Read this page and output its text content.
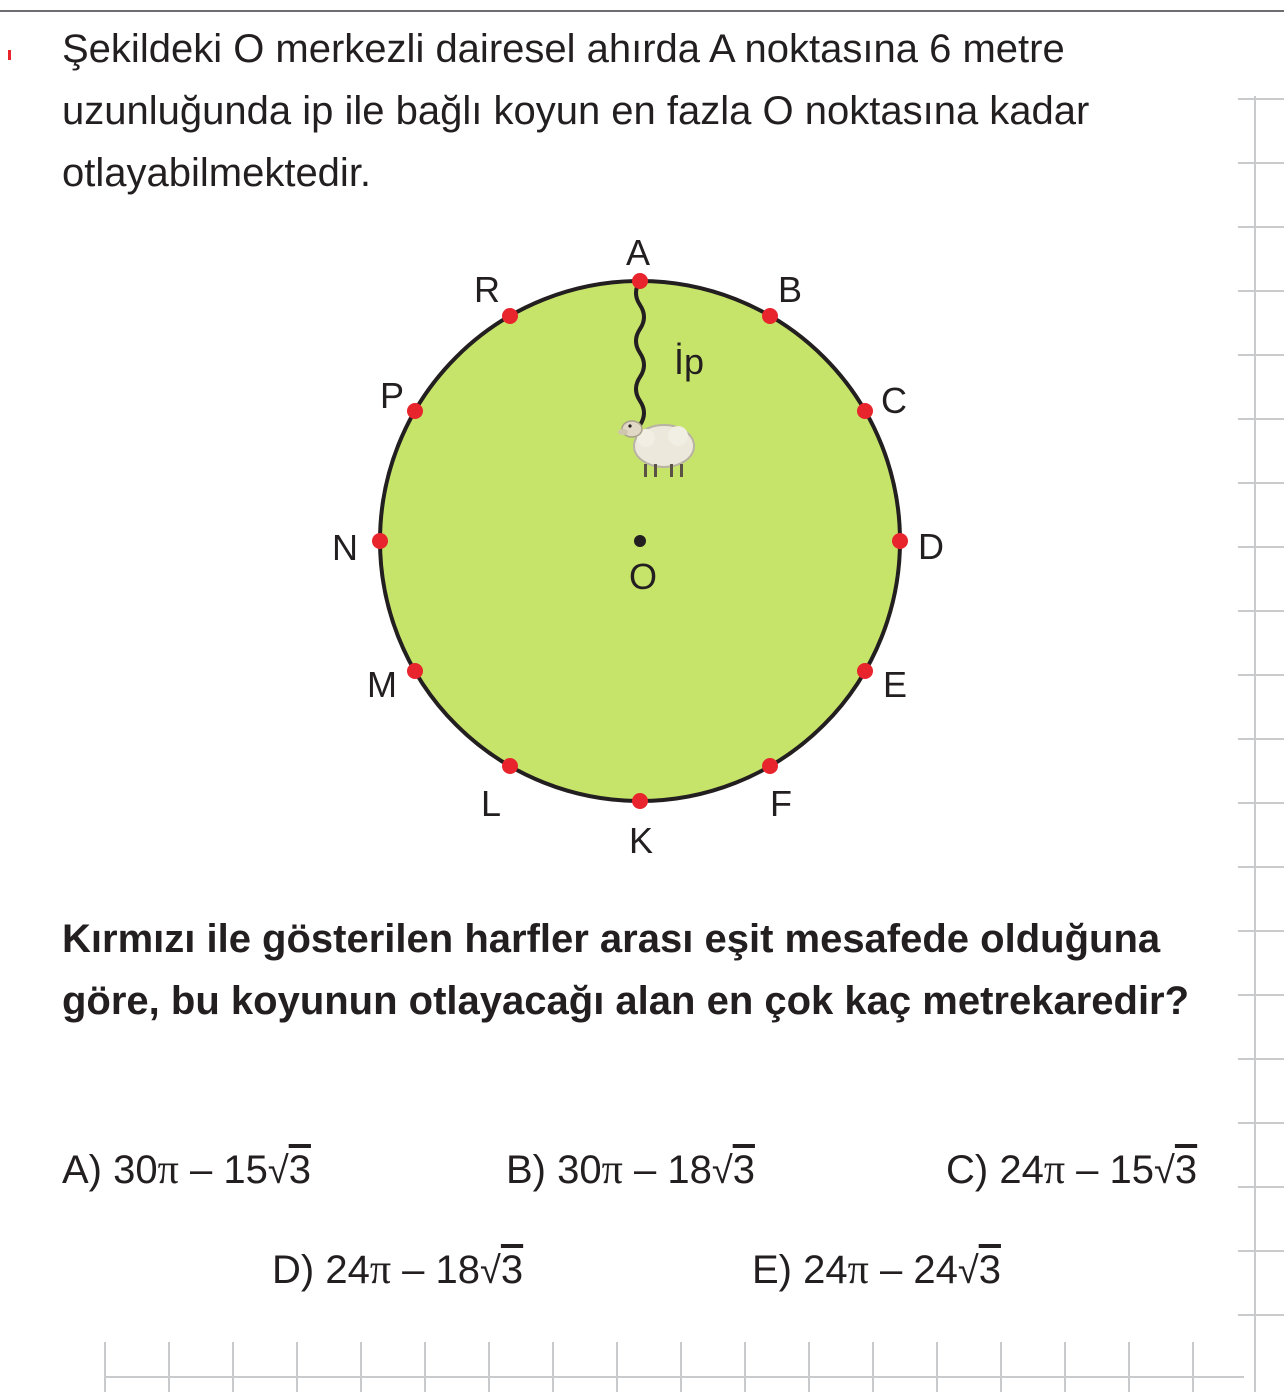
Şekildeki O merkezli dairesel ahırda A noktasına 6 metre uzunluğunda ip ile bağlı koyun en fazla O noktasına kadar otlayabilmektedir.

O
İp
A
B
C
D
E
F
K
L
M
N
P
R

Kırmızı ile gösterilen harfler arası eşit mesafede olduğuna göre, bu koyunun otlayacağı alan en çok kaç metrekaredir?

A) 30π – 15√3	B) 30π – 18√3	C) 24π – 15√3
D) 24π – 18√3	E) 24π – 24√3
